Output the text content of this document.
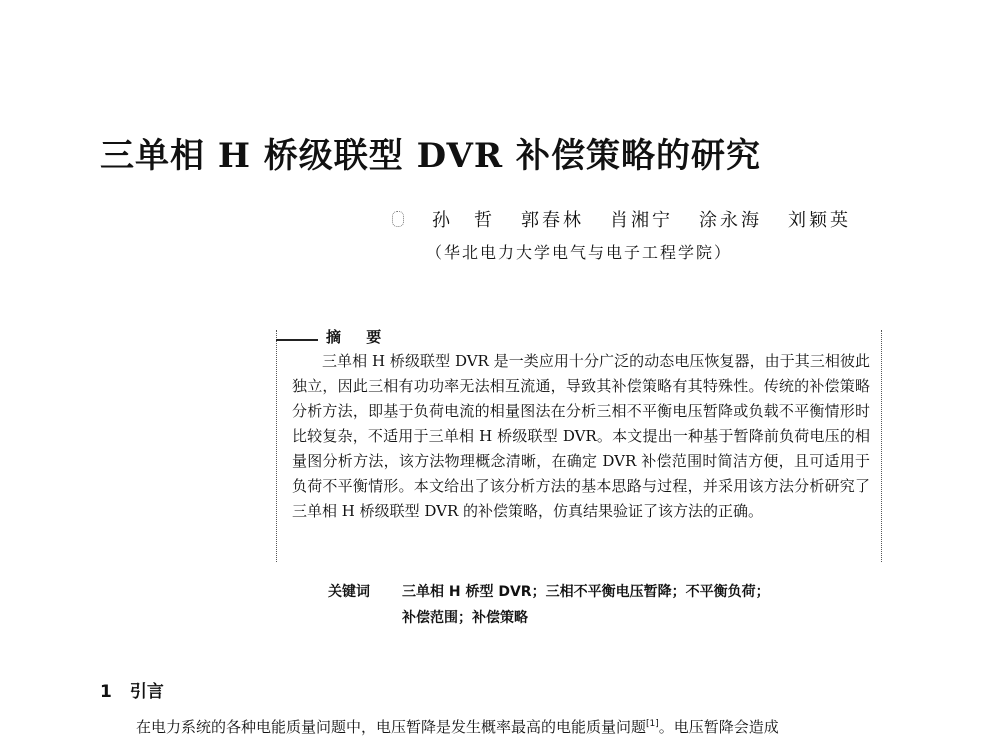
三单相 H 桥级联型 DVR 补偿策略的研究
孙　哲 郭春林 肖湘宁 涂永海 刘颖英
（华北电力大学电气与电子工程学院）
摘 要
三单相 H 桥级联型 DVR 是一类应用十分广泛的动态电压恢复器，由于其三相彼此独立，因此三相有功功率无法相互流通，导致其补偿策略有其特殊性。传统的补偿策略分析方法，即基于负荷电流的相量图法在分析三相不平衡电压暂降或负载不平衡情形时比较复杂，不适用于三单相 H 桥级联型 DVR。本文提出一种基于暂降前负荷电压的相量图分析方法，该方法物理概念清晰，在确定 DVR 补偿范围时简洁方便，且可适用于负荷不平衡情形。本文给出了该分析方法的基本思路与过程，并采用该方法分析研究了三单相 H 桥级联型 DVR 的补偿策略，仿真结果验证了该方法的正确。
关键词 三单相 H 桥型 DVR；三相不平衡电压暂降；不平衡负荷；
补偿范围；补偿策略
1 引言
在电力系统的各种电能质量问题中，电压暂降是发生概率最高的电能质量问题[1]。电压暂降会造成
